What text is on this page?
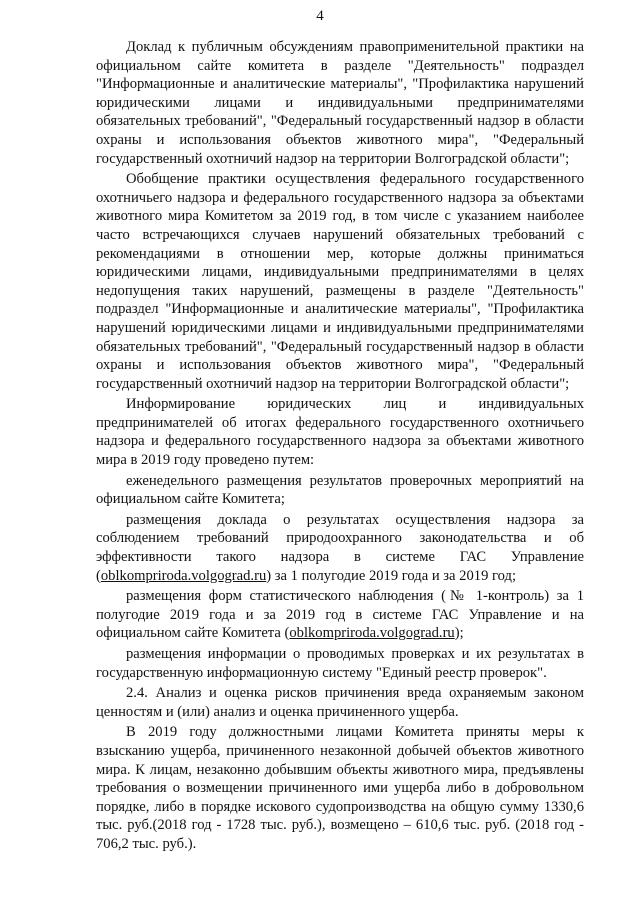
4

Доклад к публичным обсуждениям правоприменительной практики на официальном сайте комитета в разделе "Деятельность" подраздел "Информационные и аналитические материалы", "Профилактика нарушений юридическими лицами и индивидуальными предпринимателями обязательных требований", "Федеральный государственный надзор в области охраны и использования объектов животного мира", "Федеральный государственный охотничий надзор на территории Волгоградской области";

Обобщение практики осуществления федерального государственного охотничьего надзора и федерального государственного надзора за объектами животного мира Комитетом за 2019 год, в том числе с указанием наиболее часто встречающихся случаев нарушений обязательных требований с рекомендациями в отношении мер, которые должны приниматься юридическими лицами, индивидуальными предпринимателями в целях недопущения таких нарушений, размещены в разделе "Деятельность" подраздел "Информационные и аналитические материалы", "Профилактика нарушений юридическими лицами и индивидуальными предпринимателями обязательных требований", "Федеральный государственный надзор в области охраны и использования объектов животного мира", "Федеральный государственный охотничий надзор на территории Волгоградской области";

Информирование юридических лиц и индивидуальных предпринимателей об итогах федерального государственного охотничьего надзора и федерального государственного надзора за объектами животного мира в 2019 году проведено путем:

еженедельного размещения результатов проверочных мероприятий на официальном сайте Комитета;

размещения доклада о результатах осуществления надзора за соблюдением требований природоохранного законодательства и об эффективности такого надзора в системе ГАС Управление (oblkompriroda.volgograd.ru) за 1 полугодие 2019 года и за 2019 год;

размещения форм статистического наблюдения (№ 1-контроль) за 1 полугодие 2019 года и за 2019 год в системе ГАС Управление и на официальном сайте Комитета (oblkompriroda.volgograd.ru);

размещения информации о проводимых проверках и их результатах в государственную информационную систему "Единый реестр проверок".

2.4. Анализ и оценка рисков причинения вреда охраняемым законом ценностям и (или) анализ и оценка причиненного ущерба.

В 2019 году должностными лицами Комитета приняты меры к взысканию ущерба, причиненного незаконной добычей объектов животного мира. К лицам, незаконно добывшим объекты животного мира, предъявлены требования о возмещении причиненного ими ущерба либо в добровольном порядке, либо в порядке искового судопроизводства на общую сумму 1330,6 тыс. руб.(2018 год - 1728 тыс. руб.), возмещено – 610,6 тыс. руб. (2018 год - 706,2 тыс. руб.).
